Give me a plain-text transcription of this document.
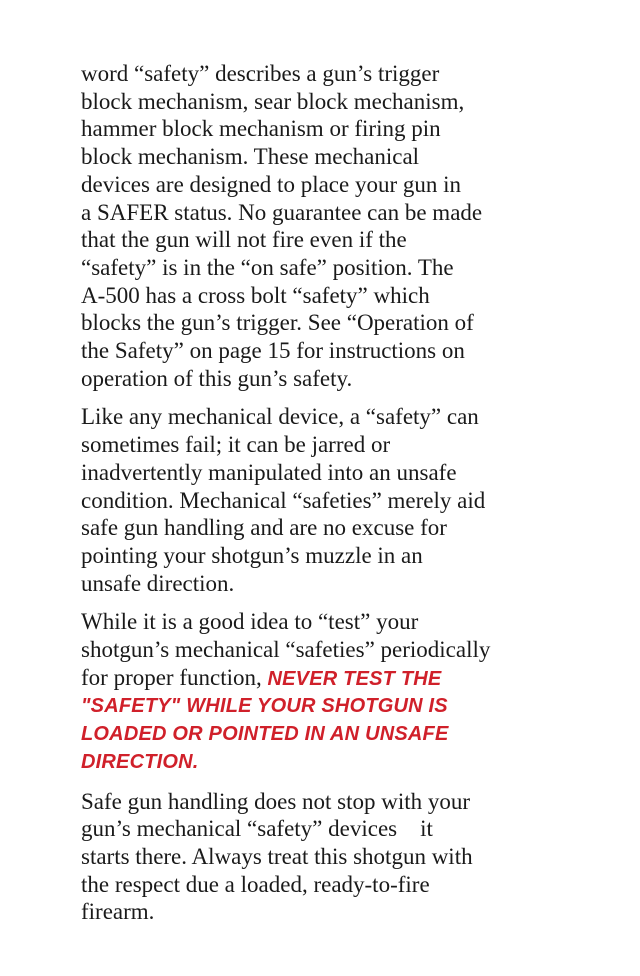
word “safety” describes a gun’s trigger
block mechanism, sear block mechanism,
hammer block mechanism or firing pin
block mechanism. These mechanical
devices are designed to place your gun in
a SAFER status. No guarantee can be made
that the gun will not fire even if the
“safety” is in the “on safe” position. The
A-500 has a cross bolt “safety” which
blocks the gun’s trigger. See “Operation of
the Safety” on page 15 for instructions on
operation of this gun’s safety.

Like any mechanical device, a “safety” can
sometimes fail; it can be jarred or
inadvertently manipulated into an unsafe
condition. Mechanical “safeties” merely aid
safe gun handling and are no excuse for
pointing your shotgun’s muzzle in an
unsafe direction.

While it is a good idea to “test” your
shotgun’s mechanical “safeties” periodically
for proper function, NEVER TEST THE
"SAFETY" WHILE YOUR SHOTGUN IS
LOADED OR POINTED IN AN UNSAFE
DIRECTION.

Safe gun handling does not stop with your
gun’s mechanical “safety” devices    it
starts there. Always treat this shotgun with
the respect due a loaded, ready-to-fire
firearm.
